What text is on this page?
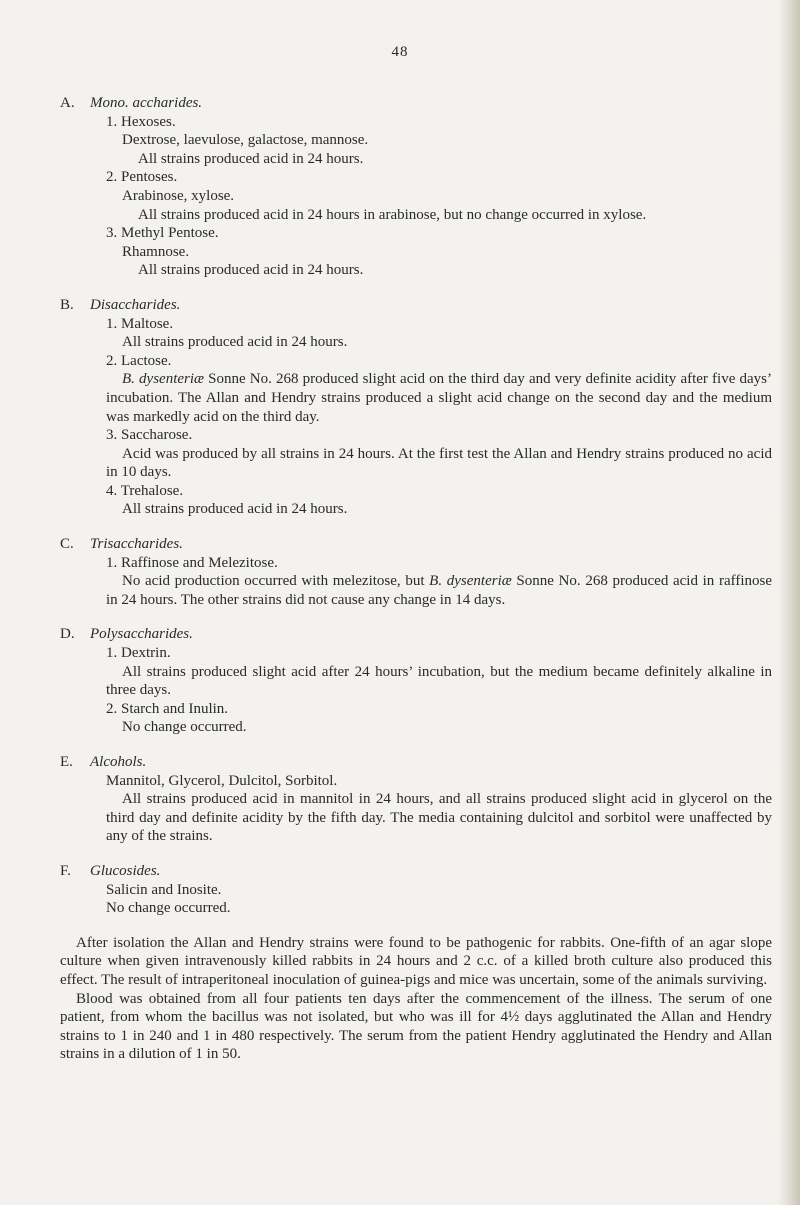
48
A. Mono. accharides.
1. Hexoses.
Dextrose, laevulose, galactose, mannose.
All strains produced acid in 24 hours.
2. Pentoses.
Arabinose, xylose.
All strains produced acid in 24 hours in arabinose, but no change occurred in xylose.
3. Methyl Pentose.
Rhamnose.
All strains produced acid in 24 hours.
B. Disaccharides.
1. Maltose.
All strains produced acid in 24 hours.
2. Lactose.
B. dysenteriæ Sonne No. 268 produced slight acid on the third day and very definite acidity after five days’ incubation. The Allan and Hendry strains produced a slight acid change on the second day and the medium was markedly acid on the third day.
3. Saccharose.
Acid was produced by all strains in 24 hours. At the first test the Allan and Hendry strains produced no acid in 10 days.
4. Trehalose.
All strains produced acid in 24 hours.
C. Trisaccharides.
1. Raffinose and Melezitose.
No acid production occurred with melezitose, but B. dysenteriæ Sonne No. 268 produced acid in raffinose in 24 hours. The other strains did not cause any change in 14 days.
D. Polysaccharides.
1. Dextrin.
All strains produced slight acid after 24 hours’ incubation, but the medium became definitely alkaline in three days.
2. Starch and Inulin.
No change occurred.
E. Alcohols.
Mannitol, Glycerol, Dulcitol, Sorbitol.
All strains produced acid in mannitol in 24 hours, and all strains produced slight acid in glycerol on the third day and definite acidity by the fifth day. The media containing dulcitol and sorbitol were unaffected by any of the strains.
F. Glucosides.
Salicin and Inosite.
No change occurred.

After isolation the Allan and Hendry strains were found to be pathogenic for rabbits. One-fifth of an agar slope culture when given intravenously killed rabbits in 24 hours and 2 c.c. of a killed broth culture also produced this effect. The result of intraperitoneal inoculation of guinea-pigs and mice was uncertain, some of the animals surviving.

Blood was obtained from all four patients ten days after the commencement of the illness. The serum of one patient, from whom the bacillus was not isolated, but who was ill for 4½ days agglutinated the Allan and Hendry strains to 1 in 240 and 1 in 480 respectively. The serum from the patient Hendry agglutinated the Hendry and Allan strains in a dilution of 1 in 50.
